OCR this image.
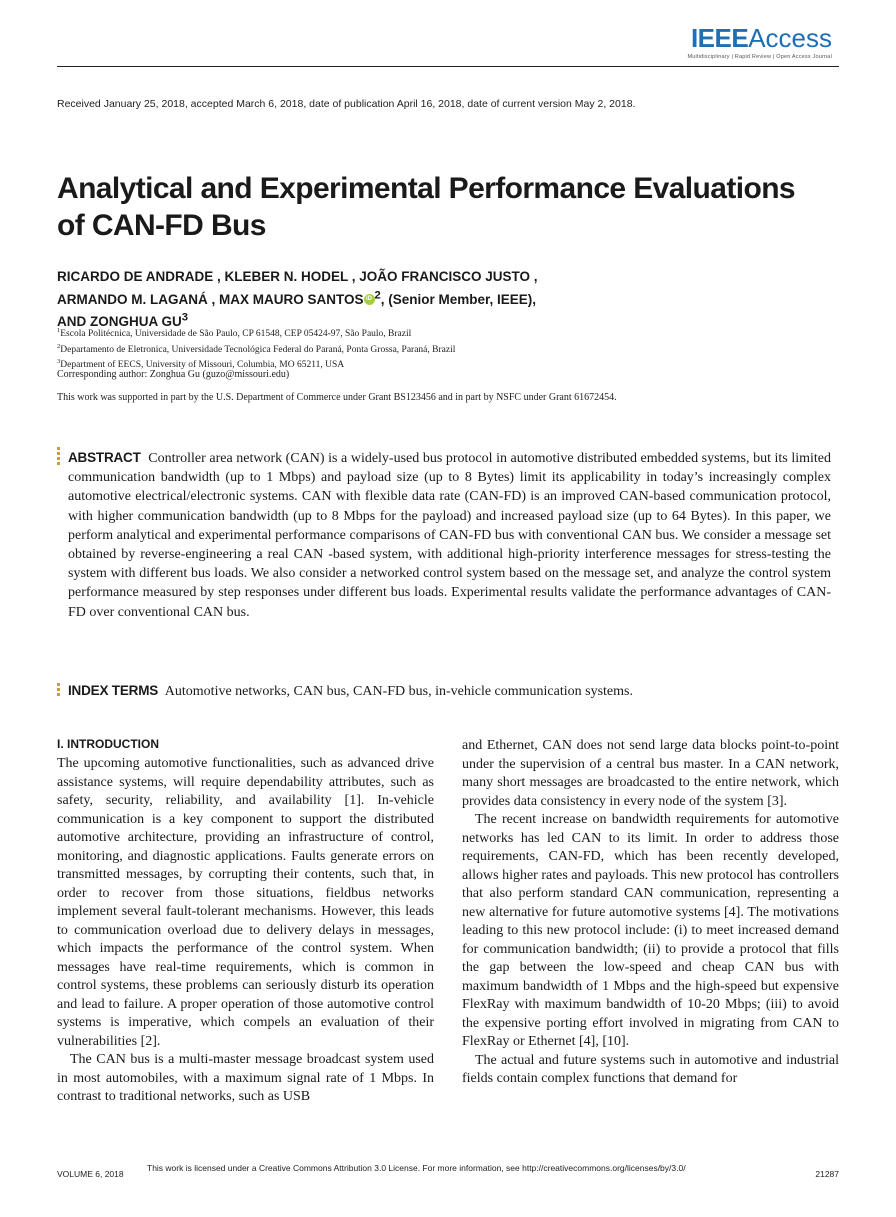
IEEEAccess
Multidisciplinary | Rapid Review | Open Access Journal
Received January 25, 2018, accepted March 6, 2018, date of publication April 16, 2018, date of current version May 2, 2018.
Analytical and Experimental Performance Evaluations of CAN-FD Bus
RICARDO DE ANDRADE , KLEBER N. HODEL , JOÃO FRANCISCO JUSTO ,
ARMANDO M. LAGANÁ , MAX MAURO SANTOS iD $^2$, (Senior Member, IEEE),
AND ZONGHUA $GU^3$
$^1$Escola Politécnica, Universidade de São Paulo, CP 61548, CEP 05424-97, São Paulo, Brazil
$^2$Departamento de Eletronica, Universidade Tecnológica Federal do Paraná, Ponta Grossa, Paraná, Brazil
$^3$Department of EECS, University of Missouri, Columbia, MO 65211, USA
Corresponding author: Zonghua Gu (guzo@missouri.edu)
This work was supported in part by the U.S. Department of Commerce under Grant BS123456 and in part by NSFC under Grant 61672454.
ABSTRACT Controller area network (CAN) is a widely-used bus protocol in automotive distributed embedded systems, but its limited communication bandwidth (up to 1 Mbps) and payload size (up to 8 Bytes) limit its applicability in today’s increasingly complex automotive electrical/electronic systems. CAN with flexible data rate (CAN-FD) is an improved CAN-based communication protocol, with higher communication bandwidth (up to 8 Mbps for the payload) and increased payload size (up to 64 Bytes). In this paper, we perform analytical and experimental performance comparisons of CAN-FD bus with conventional CAN bus. We consider a message set obtained by reverse-engineering a real CAN -based system, with additional high-priority interference messages for stress-testing the system with different bus loads. We also consider a networked control system based on the message set, and analyze the control system performance measured by step responses under different bus loads. Experimental results validate the performance advantages of CAN-FD over conventional CAN bus.
INDEX TERMS Automotive networks, CAN bus, CAN-FD bus, in-vehicle communication systems.
I. INTRODUCTION

The upcoming automotive functionalities, such as advanced drive assistance systems, will require dependability attributes, such as safety, security, reliability, and availability [1]. In-vehicle communication is a key component to support the distributed automotive architecture, providing an infrastructure of control, monitoring, and diagnostic applications. Faults generate errors on transmitted messages, by corrupting their contents, such that, in order to recover from those situations, fieldbus networks implement several fault-tolerant mechanisms. However, this leads to communication overload due to delivery delays in messages, which impacts the performance of the control system. When messages have real-time requirements, which is common in control systems, these problems can seriously disturb its operation and lead to failure. A proper operation of those automotive control systems is imperative, which compels an evaluation of their vulnerabilities [2].

The CAN bus is a multi-master message broadcast system used in most automobiles, with a maximum signal rate of 1 Mbps. In contrast to traditional networks, such as USB

and Ethernet, CAN does not send large data blocks point-to-point under the supervision of a central bus master. In a CAN network, many short messages are broadcasted to the entire network, which provides data consistency in every node of the system [3].

The recent increase on bandwidth requirements for automotive networks has led CAN to its limit. In order to address those requirements, CAN-FD, which has been recently developed, allows higher rates and payloads. This new protocol has controllers that also perform standard CAN communication, representing a new alternative for future automotive systems [4]. The motivations leading to this new protocol include: (i) to meet increased demand for communication bandwidth; (ii) to provide a protocol that fills the gap between the low-speed and cheap CAN bus with maximum bandwidth of 1 Mbps and the high-speed but expensive FlexRay with maximum bandwidth of 10-20 Mbps; (iii) to avoid the expensive porting effort involved in migrating from CAN to FlexRay or Ethernet [4], [10].

The actual and future systems such in automotive and industrial fields contain complex functions that demand for

VOLUME 6, 2018
This work is licensed under a Creative Commons Attribution 3.0 License. For more information, see http://creativecommons.org/licenses/by/3.0/
21287
